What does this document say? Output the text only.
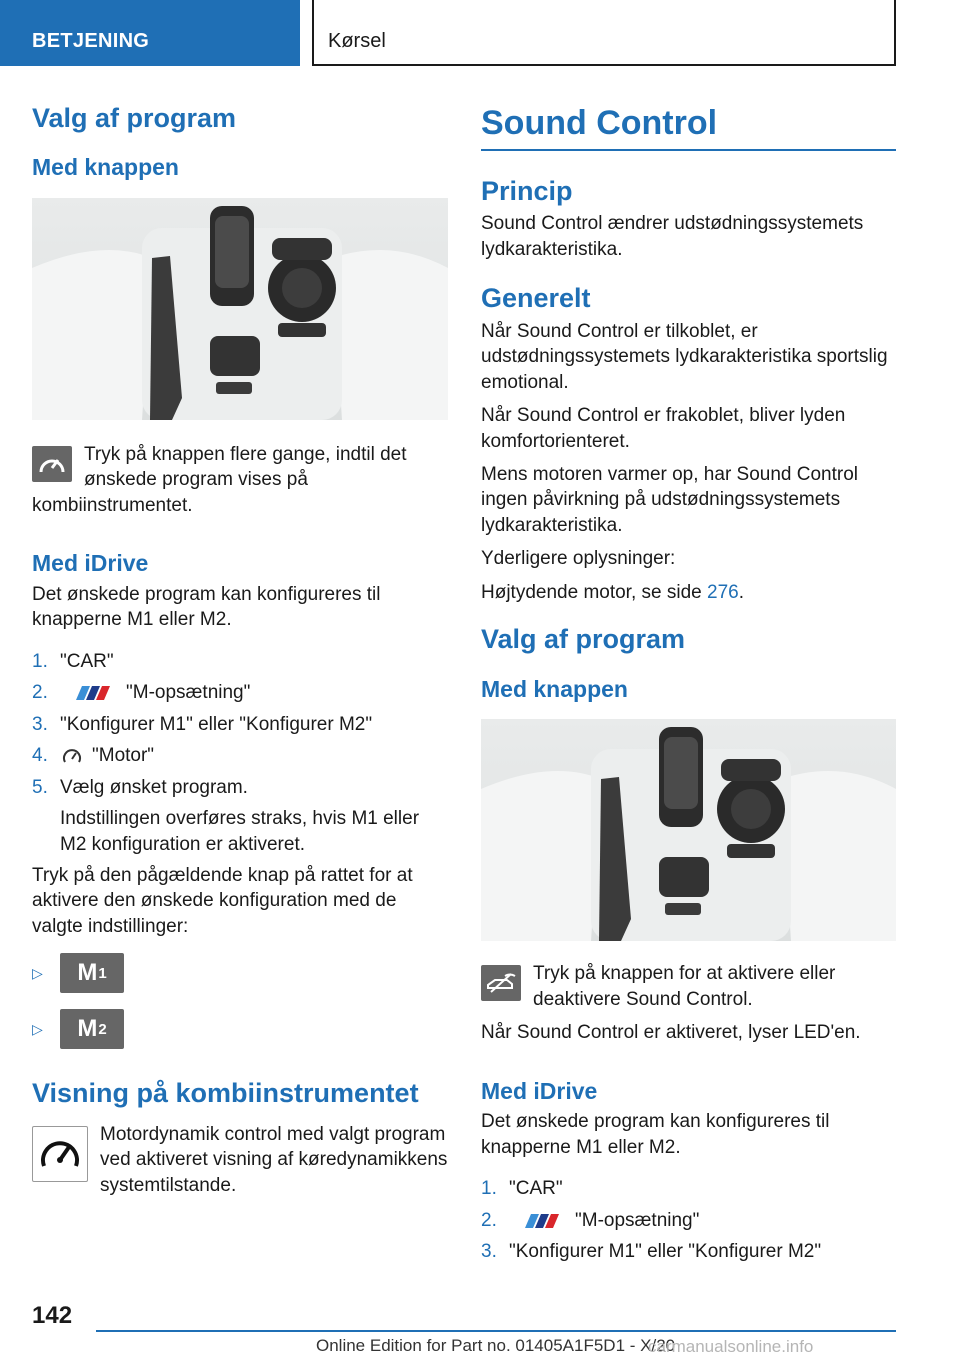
BETJENING	Kørsel
Valg af program
Med knappen

Tryk på knappen flere gange, indtil det ønskede program vises på kombiinstrumentet.

Med iDrive

Det ønskede program kan konfigureres til knapperne M1 eller M2.

1. "CAR"
2.	"M-opsætning"
3. "Konfigurer M1" eller "Konfigurer M2"
4. "Motor"
5. Vælg ønsket program.

Indstillingen overføres straks, hvis M1 eller M2 konfiguration er aktiveret.

Tryk på den pågældende knap på rattet for at aktivere den ønskede konfiguration med de valgte indstillinger:

▷	M 1
▷	M 2
Visning på kombiinstrumentet

Motordynamik control med valgt program ved aktiveret visning af køredynamikkens systemtilstande.

Sound Control
Princip

Sound Control ændrer udstødningssystemets lydkarakteristika.

Generelt

Når Sound Control er tilkoblet, er udstødningssystemets lydkarakteristika sportslig emotional.

Når Sound Control er frakoblet, bliver lyden komfortorienteret.

Mens motoren varmer op, har Sound Control ingen påvirkning på udstødningssystemets lydkarakteristika.

Yderligere oplysninger:

Højtydende motor, se side 276.

Valg af program
Med knappen

Tryk på knappen for at aktivere eller deaktivere Sound Control.

Når Sound Control er aktiveret, lyser LED'en.

Med iDrive

Det ønskede program kan konfigureres til knapperne M1 eller M2.

1. "CAR"
2.	"M-opsætning"
3. "Konfigurer M1" eller "Konfigurer M2"
142
Online Edition for Part no. 01405A1F5D1 - X/20
carmanualsonline.info
